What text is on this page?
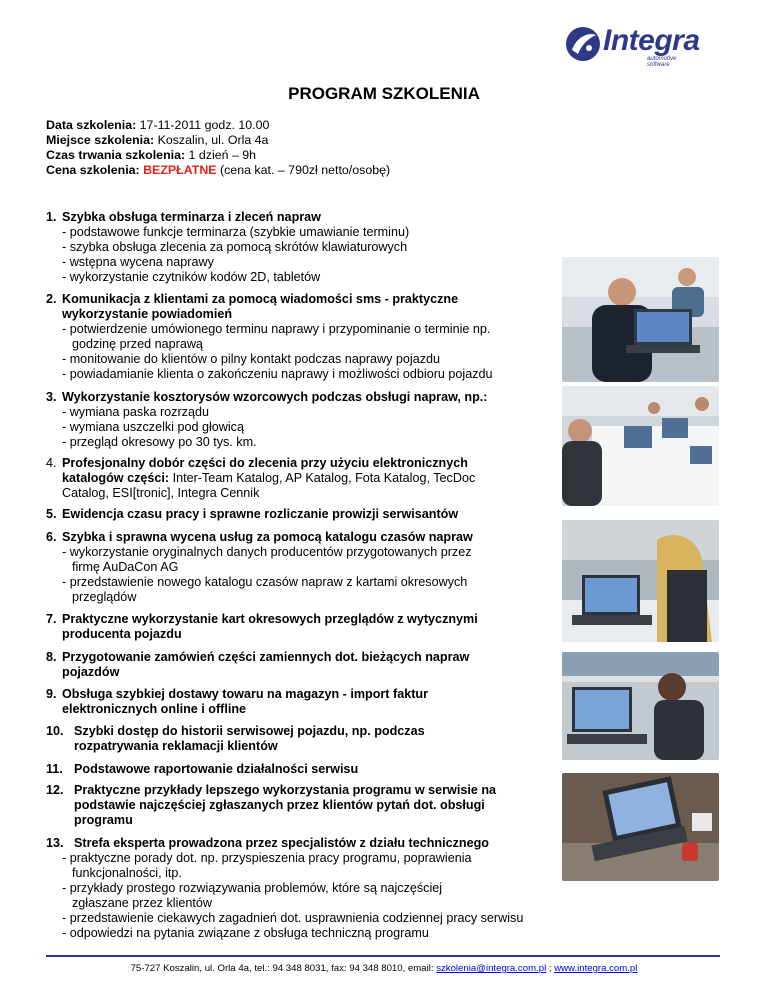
Integra
automotive software
PROGRAM SZKOLENIA
Data szkolenia: 17-11-2011 godz. 10.00
Miejsce szkolenia: Koszalin, ul. Orla 4a
Czas trwania szkolenia: 1 dzień – 9h
Cena szkolenia: BEZPŁATNE (cena kat. – 790zł netto/osobę)
1. Szybka obsługa terminarza i zleceń napraw
- podstawowe funkcje terminarza (szybkie umawianie terminu)
- szybka obsługa zlecenia za pomocą skrótów klawiaturowych
- wstępna wycena naprawy
- wykorzystanie czytników kodów 2D, tabletów
2. Komunikacja z klientami za pomocą wiadomości sms - praktyczne
wykorzystanie powiadomień
- potwierdzenie umówionego terminu naprawy i przypominanie o terminie np.
godzinę przed naprawą
- monitowanie do klientów o pilny kontakt podczas naprawy pojazdu
- powiadamianie klienta o zakończeniu naprawy i możliwości odbioru pojazdu
3. Wykorzystanie kosztorysów wzorcowych podczas obsługi napraw, np.:
- wymiana paska rozrządu
- wymiana uszczelki pod głowicą
- przegląd okresowy po 30 tys. km.
4. Profesjonalny dobór części do zlecenia przy użyciu elektronicznych
katalogów części: Inter-Team Katalog, AP Katalog, Fota Katalog, TecDoc
Catalog, ESI[tronic], Integra Cennik
5. Ewidencja czasu pracy i sprawne rozliczanie prowizji serwisantów
6. Szybka i sprawna wycena usług za pomocą katalogu czasów napraw
- wykorzystanie oryginalnych danych producentów przygotowanych przez
firmę AuDaCon AG
- przedstawienie nowego katalogu czasów napraw z kartami okresowych
przeglądów
7. Praktyczne wykorzystanie kart okresowych przeglądów z wytycznymi
producenta pojazdu
8. Przygotowanie zamówień części zamiennych dot. bieżących napraw
pojazdów
9. Obsługa szybkiej dostawy towaru na magazyn - import faktur
elektronicznych online i offline
10. Szybki dostęp do historii serwisowej pojazdu, np. podczas
rozpatrywania reklamacji klientów
11. Podstawowe raportowanie działalności serwisu
12. Praktyczne przykłady lepszego wykorzystania programu w serwisie na
podstawie najczęściej zgłaszanych przez klientów pytań dot. obsługi
programu
13. Strefa eksperta prowadzona przez specjalistów z działu technicznego
- praktyczne porady dot. np. przyspieszenia pracy programu, poprawienia
funkcjonalności, itp.
- przykłady prostego rozwiązywania problemów, które są najczęściej
zgłaszane przez klientów
- przedstawienie ciekawych zagadnień dot. usprawnienia codziennej pracy serwisu
- odpowiedzi na pytania związane z obsługa techniczną programu
75-727 Koszalin, ul. Orla 4a, tel.: 94 348 8031, fax: 94 348 8010, email: szkolenia@integra.com.pl ; www.integra.com.pl
